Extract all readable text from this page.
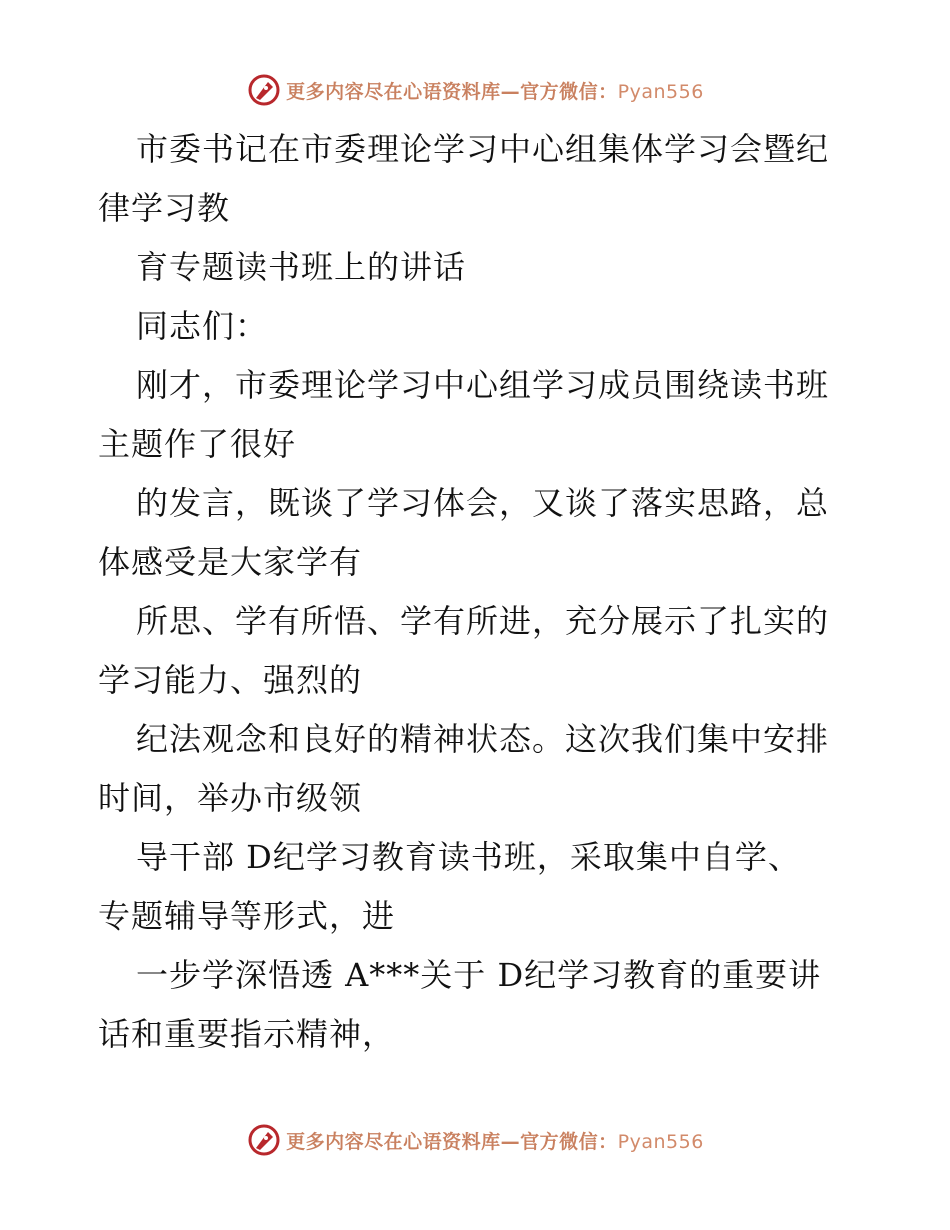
更多内容尽在心语资料库—官方微信：Pyan556
市委书记在市委理论学习中心组集体学习会暨纪
律学习教
育专题读书班上的讲话
同志们：
刚才，市委理论学习中心组学习成员围绕读书班
主题作了很好
的发言，既谈了学习体会，又谈了落实思路，总
体感受是大家学有
所思、学有所悟、学有所进，充分展示了扎实的
学习能力、强烈的
纪法观念和良好的精神状态。这次我们集中安排
时间，举办市级领
导干部 D纪学习教育读书班，采取集中自学、
专题辅导等形式，进
一步学深悟透 A***关于 D纪学习教育的重要讲
话和重要指示精神，
更多内容尽在心语资料库—官方微信：Pyan556
